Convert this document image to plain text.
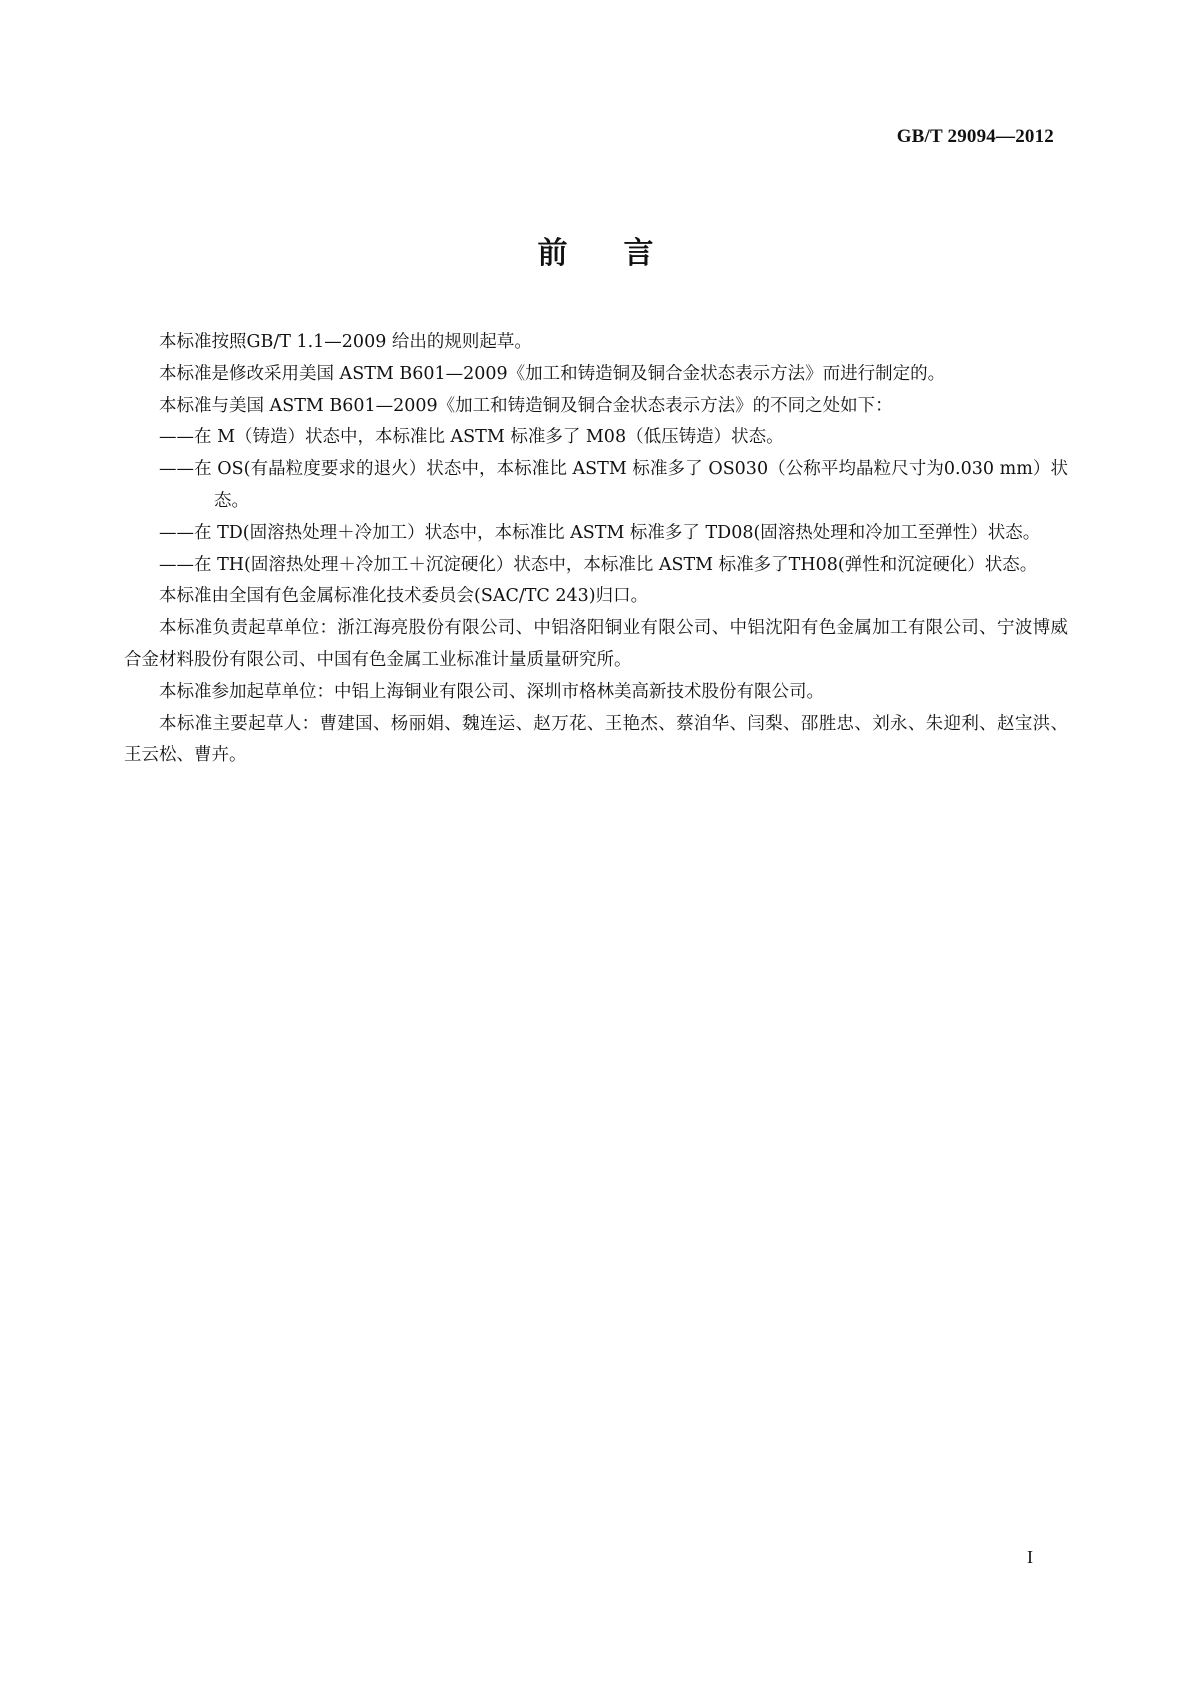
GB/T 29094—2012
前言

本标准按照GB/T 1.1—2009 给出的规则起草。

本标准是修改采用美国 ASTM B601—2009《加工和铸造铜及铜合金状态表示方法》而进行制定的。

本标准与美国 ASTM B601—2009《加工和铸造铜及铜合金状态表示方法》的不同之处如下：

——在 M（铸造）状态中，本标准比 ASTM 标准多了 M08（低压铸造）状态。

——在 OS(有晶粒度要求的退火）状态中，本标准比 ASTM 标准多了 OS030（公称平均晶粒尺寸为0.030 mm）状态。

——在 TD(固溶热处理＋冷加工）状态中，本标准比 ASTM 标准多了 TD08(固溶热处理和冷加工至弹性）状态。

——在 TH(固溶热处理＋冷加工＋沉淀硬化）状态中，本标准比 ASTM 标准多了TH08(弹性和沉淀硬化）状态。

本标准由全国有色金属标准化技术委员会(SAC/TC 243)归口。

本标准负责起草单位：浙江海亮股份有限公司、中铝洛阳铜业有限公司、中铝沈阳有色金属加工有限公司、宁波博威合金材料股份有限公司、中国有色金属工业标准计量质量研究所。

本标准参加起草单位：中铝上海铜业有限公司、深圳市格林美高新技术股份有限公司。

本标准主要起草人：曹建国、杨丽娟、魏连运、赵万花、王艳杰、蔡洎华、闫梨、邵胜忠、刘永、朱迎利、赵宝洪、王云松、曹卉。

I
